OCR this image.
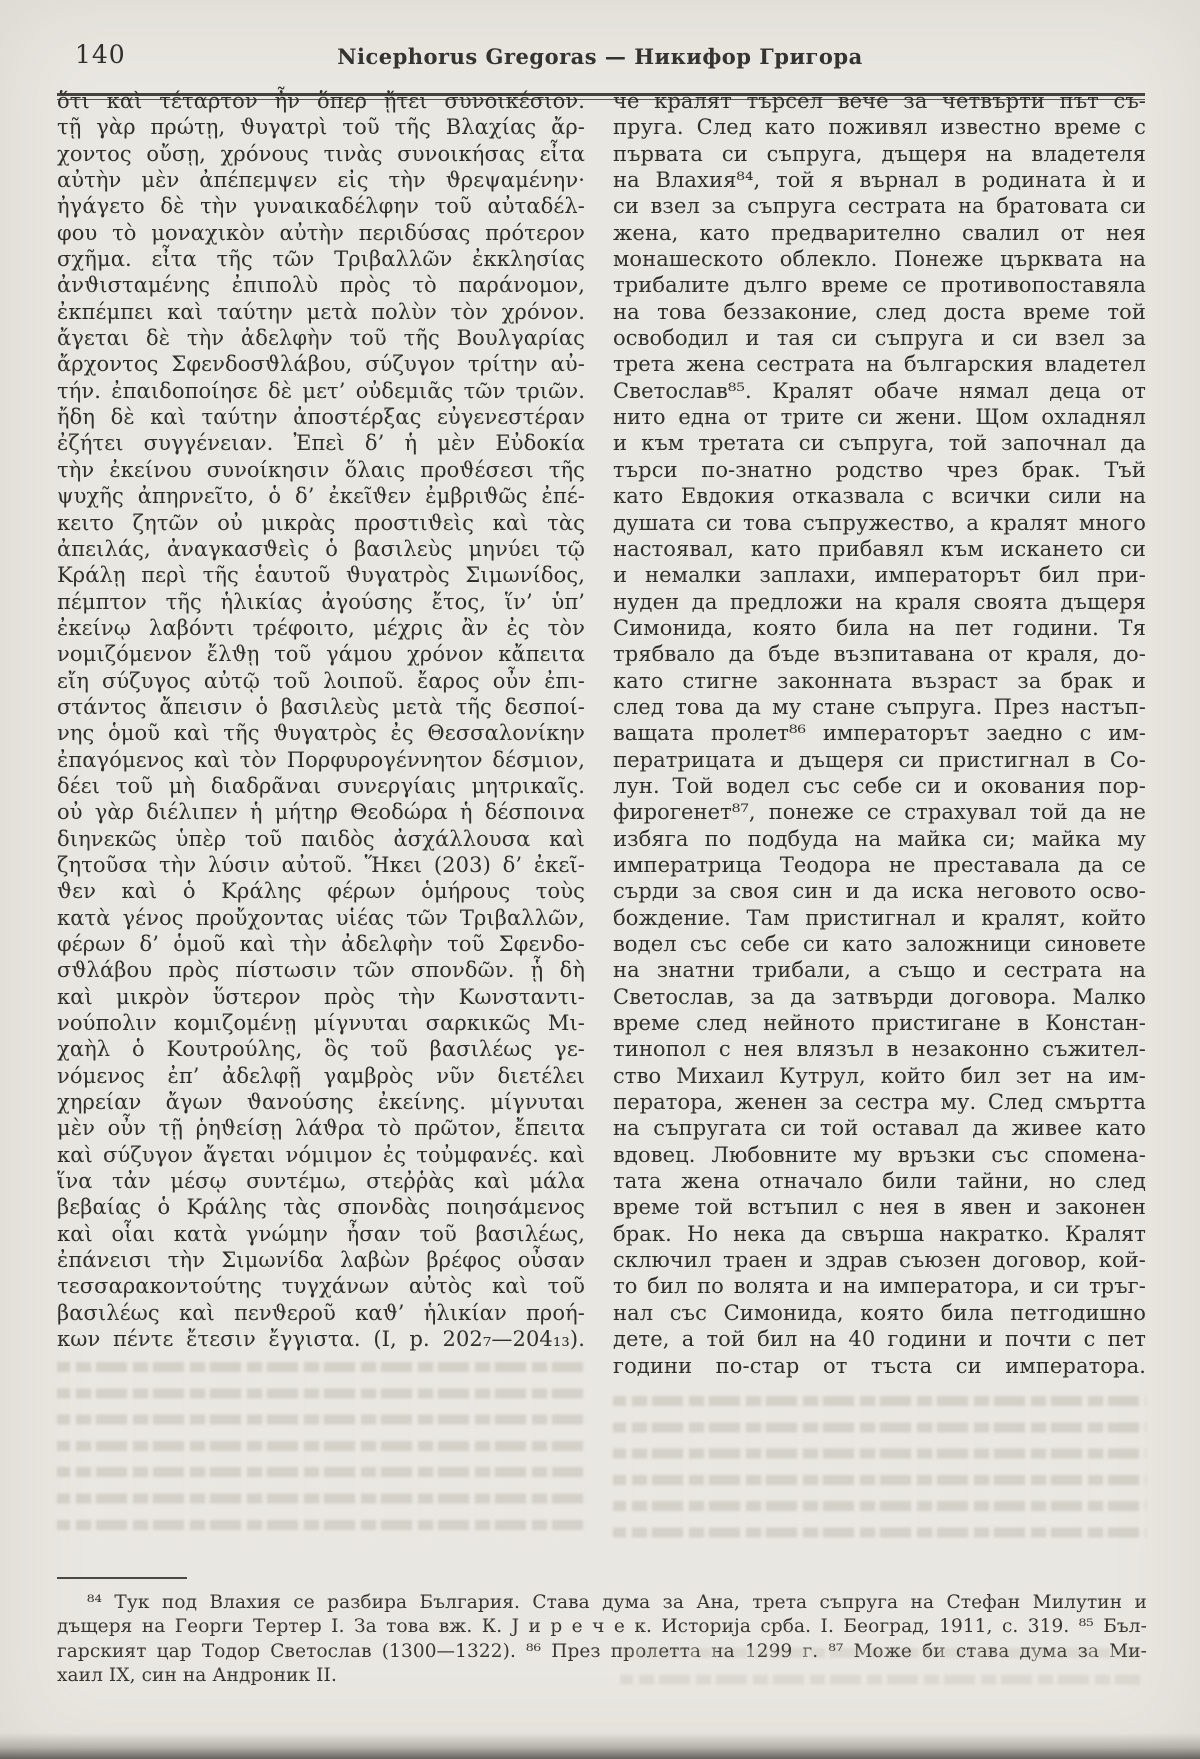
140	Nicephorus Gregoras — Никифор Григора
ὅτι καὶ τέταρτον ἦν ὅπερ ᾔτει συνοικέσιον.
τῇ γὰρ πρώτῃ, ϑυγατρὶ τοῦ τῆς Βλαχίας ἄρ-
χοντος οὔσῃ, χρόνους τινὰς συνοικήσας εἶτα
αὐτὴν μὲν ἀπέπεμψεν εἰς τὴν ϑρεψαμένην·
ἠγάγετο δὲ τὴν γυναικαδέλφην τοῦ αὐταδέλ-
φου τὸ μοναχικὸν αὐτὴν περιδύσας πρότερον
σχῆμα. εἶτα τῆς τῶν Τριβαλλῶν ἐκκλησίας
ἀνϑισταμένης ἐπιπολὺ πρὸς τὸ παράνομον,
ἐκπέμπει καὶ ταύτην μετὰ πολὺν τὸν χρόνον.
ἄγεται δὲ τὴν ἀδελφὴν τοῦ τῆς Βουλγαρίας
ἄρχοντος Σφενδοσϑλάβου, σύζυγον τρίτην αὐ-
τήν. ἐπαιδοποίησε δὲ μετ’ οὐδεμιᾶς τῶν τριῶν.
ἤδη δὲ καὶ ταύτην ἀποστέρξας εὐγενεστέραν
ἐζήτει συγγένειαν. Ἐπεὶ δ’ ἡ μὲν Εὐδοκία
τὴν ἐκείνου συνοίκησιν ὅλαις προϑέσεσι τῆς
ψυχῆς ἀπηρνεῖτο, ὁ δ’ ἐκεῖϑεν ἐμβριϑῶς ἐπέ-
κειτο ζητῶν οὐ μικρὰς προστιϑεὶς καὶ τὰς
ἀπειλάς, ἀναγκασϑεὶς ὁ βασιλεὺς μηνύει τῷ
Κράλῃ περὶ τῆς ἑαυτοῦ ϑυγατρὸς Σιμωνίδος,
πέμπτον τῆς ἡλικίας ἀγούσης ἔτος, ἵν’ ὑπ’
ἐκείνῳ λαβόντι τρέφοιτο, μέχρις ἂν ἐς τὸν
νομιζόμενον ἔλϑῃ τοῦ γάμου χρόνον κἄπειτα
εἴη σύζυγος αὐτῷ τοῦ λοιποῦ. ἔαρος οὖν ἐπι-
στάντος ἄπεισιν ὁ βασιλεὺς μετὰ τῆς δεσποί-
νης ὁμοῦ καὶ τῆς ϑυγατρὸς ἐς Θεσσαλονίκην
ἐπαγόμενος καὶ τὸν Πορφυρογέννητον δέσμιον,
δέει τοῦ μὴ διαδρᾶναι συνεργίαις μητρικαῖς.
οὐ γὰρ διέλιπεν ἡ μήτηρ Θεοδώρα ἡ δέσποινα
διηνεκῶς ὑπὲρ τοῦ παιδὸς ἀσχάλλουσα καὶ
ζητοῦσα τὴν λύσιν αὐτοῦ. Ἥκει (203) δ’ ἐκεῖ-
ϑεν καὶ ὁ Κράλης φέρων ὁμήρους τοὺς
κατὰ γένος προὔχοντας υἱέας τῶν Τριβαλλῶν,
φέρων δ’ ὁμοῦ καὶ τὴν ἀδελφὴν τοῦ Σφενδο-
σϑλάβου πρὸς πίστωσιν τῶν σπονδῶν. ᾗ δὴ
καὶ μικρὸν ὕστερον πρὸς τὴν Κωνσταντι-
νούπολιν κομιζομένῃ μίγνυται σαρκικῶς Μι-
χαὴλ ὁ Κουτρούλης, ὃς τοῦ βασιλέως γε-
νόμενος ἐπ’ ἀδελφῇ γαμβρὸς νῦν διετέλει
χηρείαν ἄγων ϑανούσης ἐκείνης. μίγνυται
μὲν οὖν τῇ ῥηϑείσῃ λάϑρα τὸ πρῶτον, ἔπειτα
καὶ σύζυγον ἄγεται νόμιμον ἐς τοὐμφανές. καὶ
ἵνα τἀν μέσῳ συντέμω, στεῤῥὰς καὶ μάλα
βεβαίας ὁ Κράλης τὰς σπονδὰς ποιησάμενος
καὶ οἷαι κατὰ γνώμην ἦσαν τοῦ βασιλέως,
ἐπάνεισι τὴν Σιμωνίδα λαβὼν βρέφος οὖσαν
τεσσαρακοντούτης τυγχάνων αὐτὸς καὶ τοῦ
βασιλέως καὶ πενϑεροῦ καϑ’ ἡλικίαν προή-
κων πέντε ἔτεσιν ἔγγιστα. (I, p. 202₇—204₁₃).
че кралят търсел вече за четвърти път съ-
пруга. След като поживял известно време с
първата си съпруга, дъщеря на владетеля
на Влахия⁸⁴, той я върнал в родината ѝ и
си взел за съпруга сестрата на братовата си
жена, като предварително свалил от нея
монашеското облекло. Понеже църквата на
трибалите дълго време се противопоставяла
на това беззаконие, след доста време той
освободил и тая си съпруга и си взел за
трета жена сестрата на българския владетел
Светослав⁸⁵. Кралят обаче нямал деца от
нито една от трите си жени. Щом охладнял
и към третата си съпруга, той започнал да
търси по-знатно родство чрез брак. Тъй
като Евдокия отказвала с всички сили на
душата си това съпружество, а кралят много
настоявал, като прибавял към искането си
и немалки заплахи, императорът бил при-
нуден да предложи на краля своята дъщеря
Симонида, която била на пет години. Тя
трябвало да бъде възпитавана от краля, до-
като стигне законната възраст за брак и
след това да му стане съпруга. През настъп-
ващата пролет⁸⁶ императорът заедно с им-
ператрицата и дъщеря си пристигнал в Со-
лун. Той водел със себе си и окования пор-
фирогенет⁸⁷, понеже се страхувал той да не
избяга по подбуда на майка си; майка му
императрица Теодора не преставала да се
сърди за своя син и да иска неговото осво-
бождение. Там пристигнал и кралят, който
водел със себе си като заложници синовете
на знатни трибали, а също и сестрата на
Светослав, за да затвърди договора. Малко
време след нейното пристигане в Констан-
тинопол с нея влязъл в незаконно съжител-
ство Михаил Кутрул, който бил зет на им-
ператора, женен за сестра му. След смъртта
на съпругата си той оставал да живее като
вдовец. Любовните му връзки със спомена-
тата жена отначало били тайни, но след
време той встъпил с нея в явен и законен
брак. Но нека да свърша накратко. Кралят
сключил траен и здрав съюзен договор, кой-
то бил по волята и на императора, и си тръг-
нал със Симонида, която била петгодишно
дете, а той бил на 40 години и почти с пет
години по-стар от тъста си императора.
⁸⁴ Тук под Влахия се разбира България. Става дума за Ана, трета съпруга на Стефан Милутин и
дъщеря на Георги Тертер I. За това вж. К. Ј и р е ч е к. Историја срба. I. Београд, 1911, с. 319. ⁸⁵ Бъл-
гарският цар Тодор Светослав (1300—1322). ⁸⁶ През пролетта на 1299 г. ⁸⁷ Може би става дума за Ми-
хаил IX, син на Андроник II.
